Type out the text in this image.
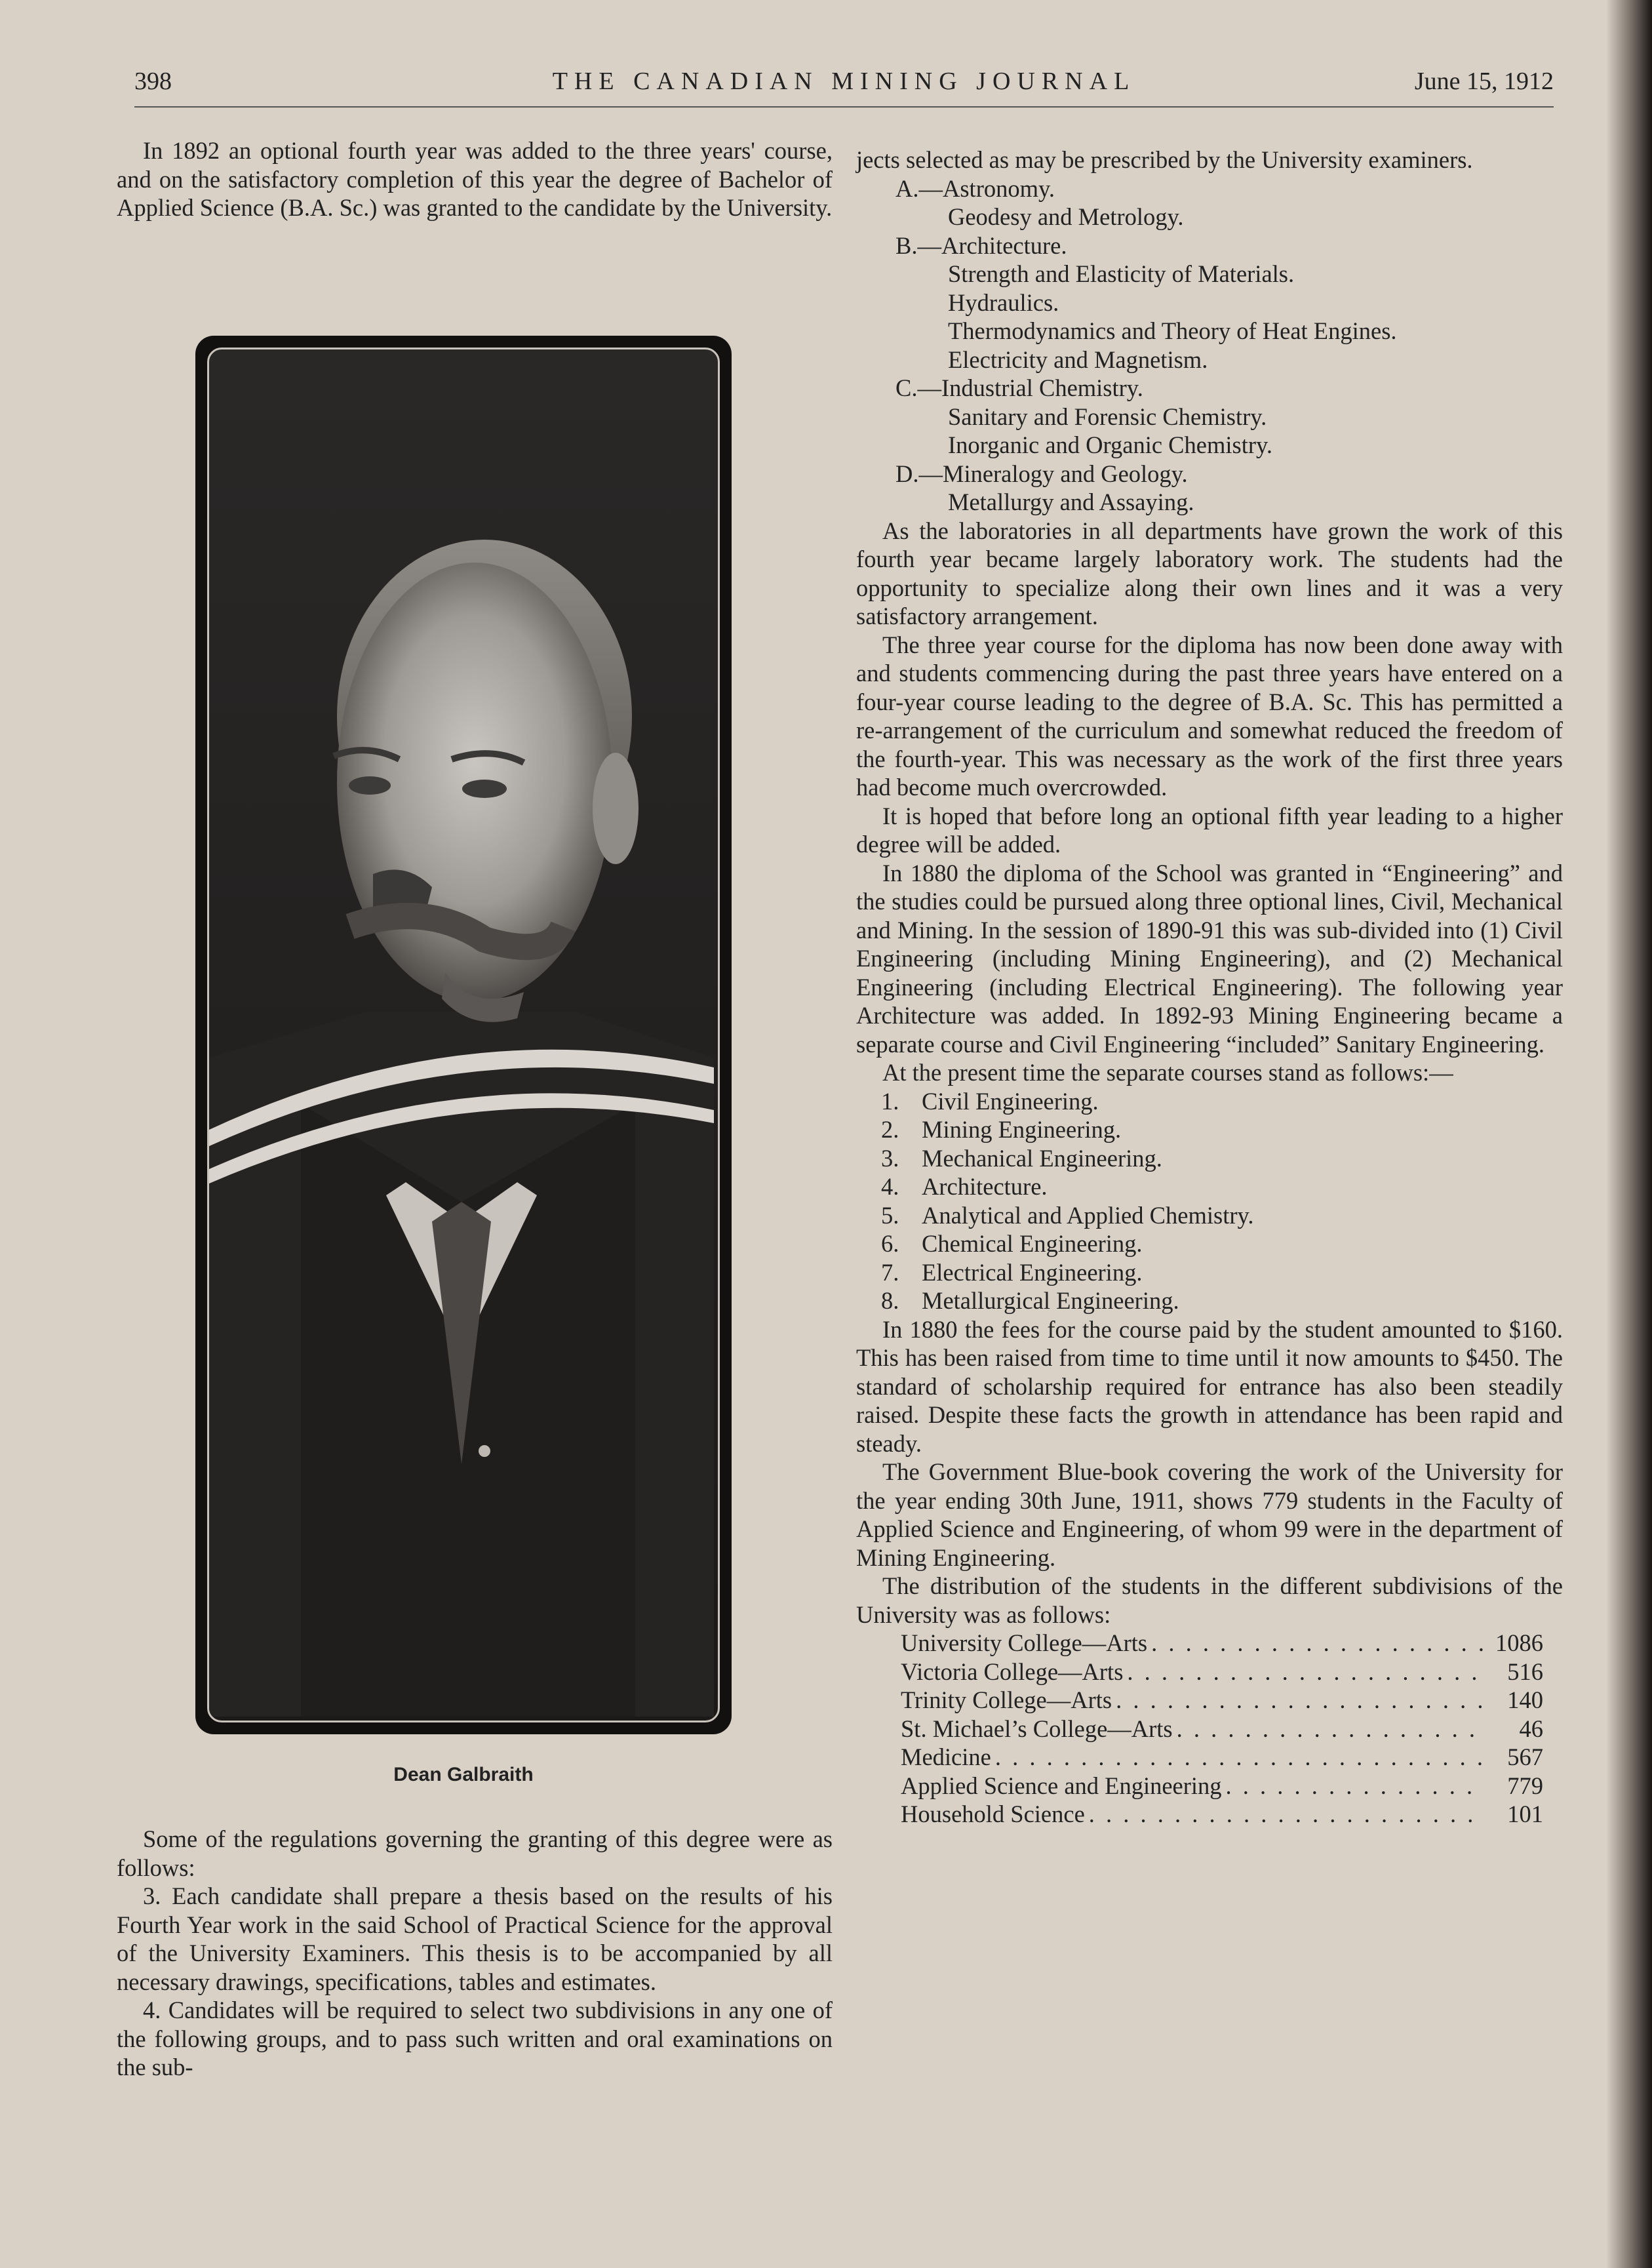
398	THE CANADIAN MINING JOURNAL	June 15, 1912

In 1892 an optional fourth year was added to the three years' course, and on the satisfactory completion of this year the degree of Bachelor of Applied Science (B.A. Sc.) was granted to the candidate by the University.

Dean Galbraith

Some of the regulations governing the granting of this degree were as follows:

3. Each candidate shall prepare a thesis based on the results of his Fourth Year work in the said School of Practical Science for the approval of the University Examiners. This thesis is to be accompanied by all necessary drawings, specifications, tables and estimates.

4. Candidates will be required to select two subdivisions in any one of the following groups, and to pass such written and oral examinations on the sub-

jects selected as may be prescribed by the University examiners.

A.—Astronomy.
Geodesy and Metrology.
B.—Architecture.
Strength and Elasticity of Materials.
Hydraulics.
Thermodynamics and Theory of Heat Engines.
Electricity and Magnetism.
C.—Industrial Chemistry.
Sanitary and Forensic Chemistry.
Inorganic and Organic Chemistry.
D.—Mineralogy and Geology.
Metallurgy and Assaying.

As the laboratories in all departments have grown the work of this fourth year became largely laboratory work. The students had the opportunity to specialize along their own lines and it was a very satisfactory arrangement.

The three year course for the diploma has now been done away with and students commencing during the past three years have entered on a four-year course leading to the degree of B.A. Sc. This has permitted a re-arrangement of the curriculum and somewhat reduced the freedom of the fourth-year. This was necessary as the work of the first three years had become much overcrowded.

It is hoped that before long an optional fifth year leading to a higher degree will be added.

In 1880 the diploma of the School was granted in “Engineering” and the studies could be pursued along three optional lines, Civil, Mechanical and Mining. In the session of 1890-91 this was sub-divided into (1) Civil Engineering (including Mining Engineering), and (2) Mechanical Engineering (including Electrical Engineering). The following year Architecture was added. In 1892-93 Mining Engineering became a separate course and Civil Engineering “included” Sanitary Engineering.

At the present time the separate courses stand as follows:—

1. Civil Engineering.
2. Mining Engineering.
3. Mechanical Engineering.
4. Architecture.
5. Analytical and Applied Chemistry.
6. Chemical Engineering.
7. Electrical Engineering.
8. Metallurgical Engineering.

In 1880 the fees for the course paid by the student amounted to $160. This has been raised from time to time until it now amounts to $450. The standard of scholarship required for entrance has also been steadily raised. Despite these facts the growth in attendance has been rapid and steady.

The Government Blue-book covering the work of the University for the year ending 30th June, 1911, shows 779 students in the Faculty of Applied Science and Engineering, of whom 99 were in the department of Mining Engineering.

The distribution of the students in the different subdivisions of the University was as follows:

University College—Arts . . .	1086
Victoria College—Arts . . .	516
Trinity College—Arts . . .	140
St. Michael’s College—Arts . . .	46
Medicine . . .	567
Applied Science and Engineering . . .	779
Household Science . . .	101
